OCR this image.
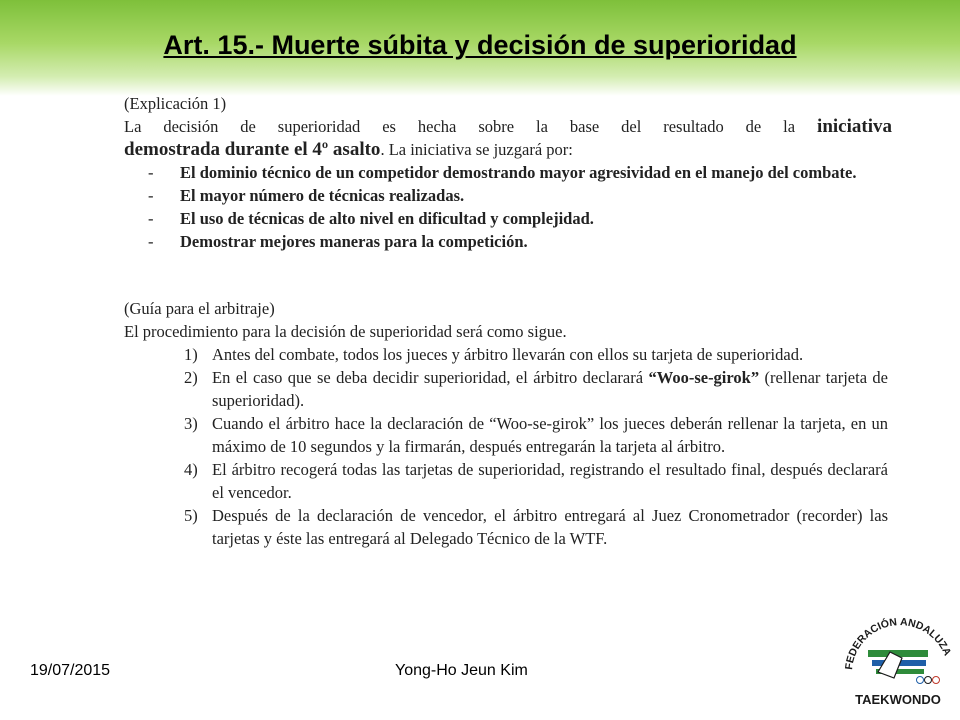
Art. 15.- Muerte súbita y decisión de superioridad

(Explicación 1)

La decisión de superioridad es hecha sobre la base del resultado de la iniciativa

demostrada durante el 4º asalto. La iniciativa se juzgará por:

- El dominio técnico de un competidor demostrando mayor agresividad en el manejo del combate.
- El mayor número de técnicas realizadas.
- El uso de técnicas de alto nivel en dificultad y complejidad.
- Demostrar mejores maneras para la competición.

(Guía para el arbitraje)

El procedimiento para la decisión de superioridad será como sigue.

1) Antes del combate, todos los jueces y árbitro llevarán con ellos su tarjeta de superioridad.
2) En el caso que se deba decidir superioridad, el árbitro declarará “Woo-se-girok” (rellenar tarjeta de superioridad).
3) Cuando el árbitro hace la declaración de “Woo-se-girok” los jueces deberán rellenar la tarjeta, en un máximo de 10 segundos y la firmarán, después entregarán la tarjeta al árbitro.
4) El árbitro recogerá todas las tarjetas de superioridad, registrando el resultado final, después declarará el vencedor.
5) Después de la declaración de vencedor, el árbitro entregará al Juez Cronometrador (recorder) las tarjetas y éste las entregará al Delegado Técnico de la WTF.
19/07/2015	Yong-Ho Jeun Kim	FEDERACIÓN ANDALUZA
TAEKWONDO
